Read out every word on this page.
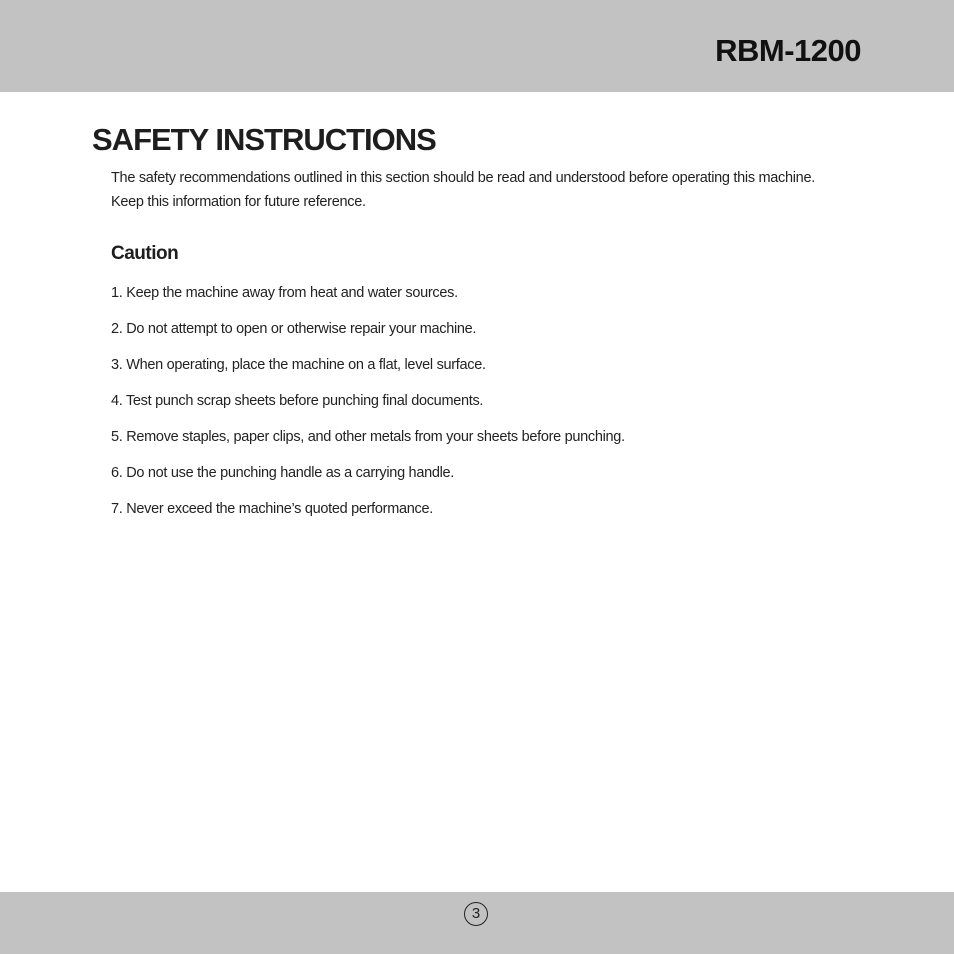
RBM-1200
SAFETY INSTRUCTIONS

The safety recommendations outlined in this section should be read and understood before operating this machine.
Keep this information for future reference.

Caution
1. Keep the machine away from heat and water sources.
2. Do not attempt to open or otherwise repair your machine.
3. When operating, place the machine on a flat, level surface.
4. Test punch scrap sheets before punching final documents.
5. Remove staples, paper clips, and other metals from your sheets before punching.
6. Do not use the punching handle as a carrying handle.
7. Never exceed the machine’s quoted performance.
3
